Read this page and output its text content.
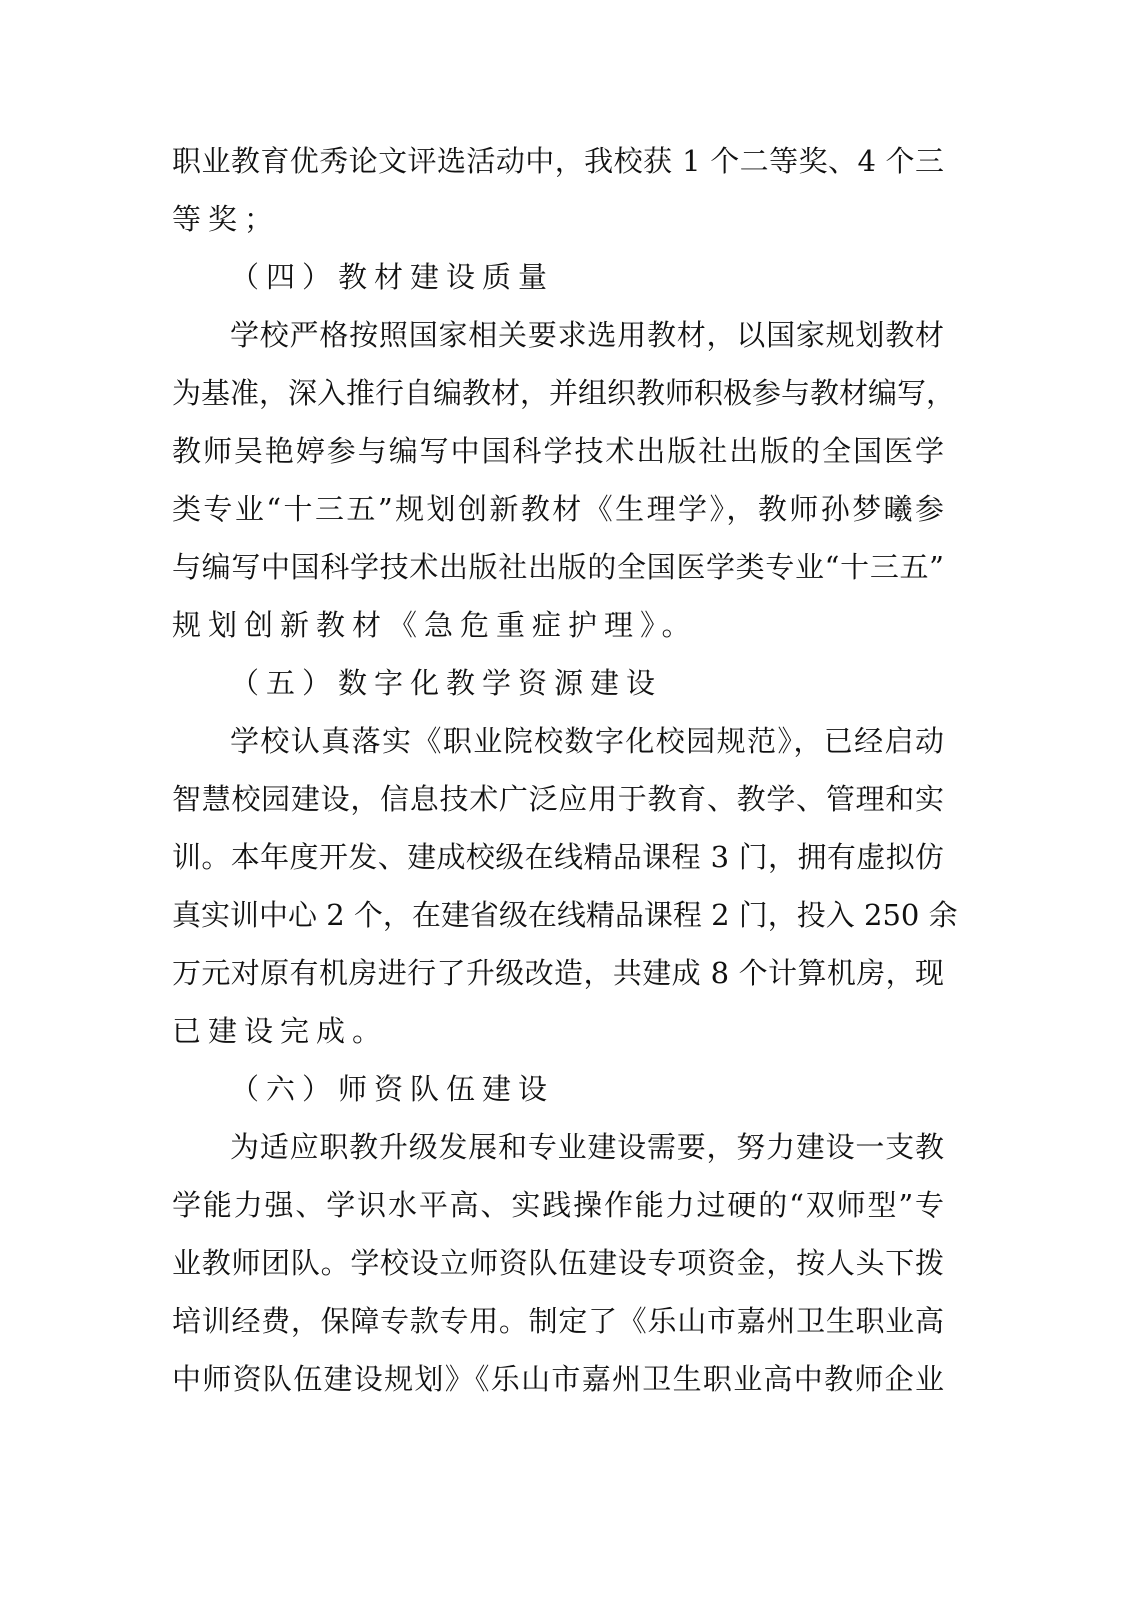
职业教育优秀论文评选活动中，我校获 1 个二等奖、4 个三
等奖；
（四）教材建设质量
学校严格按照国家相关要求选用教材，以国家规划教材
为基准，深入推行自编教材，并组织教师积极参与教材编写，
教师吴艳婷参与编写中国科学技术出版社出版的全国医学
类专业“十三五”规划创新教材《生理学》，教师孙梦曦参
与编写中国科学技术出版社出版的全国医学类专业“十三五”
规划创新教材《急危重症护理》。
（五）数字化教学资源建设
学校认真落实《职业院校数字化校园规范》，已经启动
智慧校园建设，信息技术广泛应用于教育、教学、管理和实
训。本年度开发、建成校级在线精品课程 3 门，拥有虚拟仿
真实训中心 2 个，在建省级在线精品课程 2 门，投入 250 余
万元对原有机房进行了升级改造，共建成 8 个计算机房，现
已建设完成。
（六）师资队伍建设
为适应职教升级发展和专业建设需要，努力建设一支教
学能力强、学识水平高、实践操作能力过硬的“双师型”专
业教师团队。学校设立师资队伍建设专项资金，按人头下拨
培训经费，保障专款专用。制定了《乐山市嘉州卫生职业高
中师资队伍建设规划》《乐山市嘉州卫生职业高中教师企业
